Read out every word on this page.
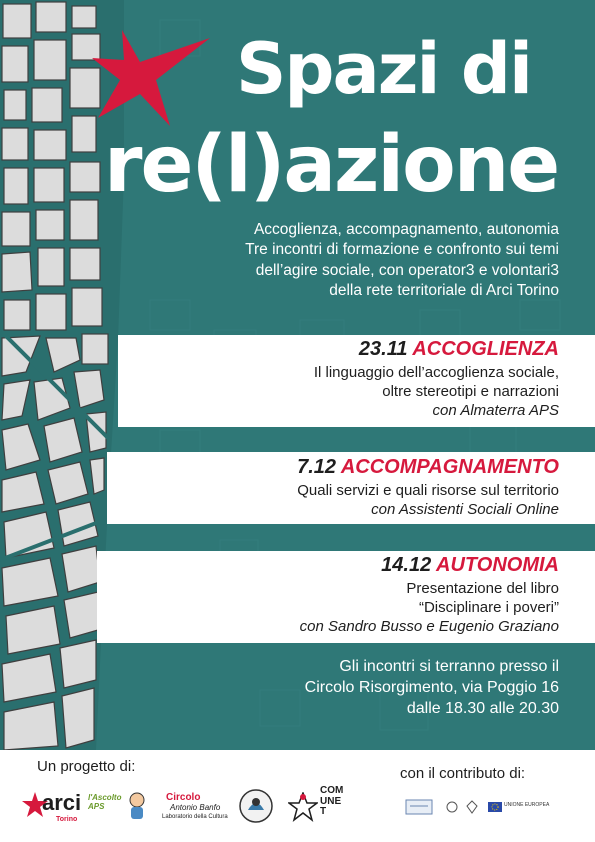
Spazi di
re(l)azione
Accoglienza, accompagnamento, autonomia
Tre incontri di formazione e confronto sui temi
dell’agire sociale, con operator3 e volontari3
della rete territoriale di Arci Torino
23.11 ACCOGLIENZA
Il linguaggio dell’accoglienza sociale,
oltre stereotipi e narrazioni
con Almaterra APS
7.12 ACCOMPAGNAMENTO
Quali servizi e quali risorse sul territorio
con Assistenti Sociali Online
14.12 AUTONOMIA
Presentazione del libro
“Disciplinare i poveri”
con Sandro Busso e Eugenio Graziano
Gli incontri si terranno presso il
Circolo Risorgimento, via Poggio 16
dalle 18.30 alle 20.30
Un progetto di:	con il contributo di:
arci
Torino
l'Ascolto APS
Circolo
Antonio Banfo
Laboratorio della Cultura
COMUNET
UNIONE EUROPEA
